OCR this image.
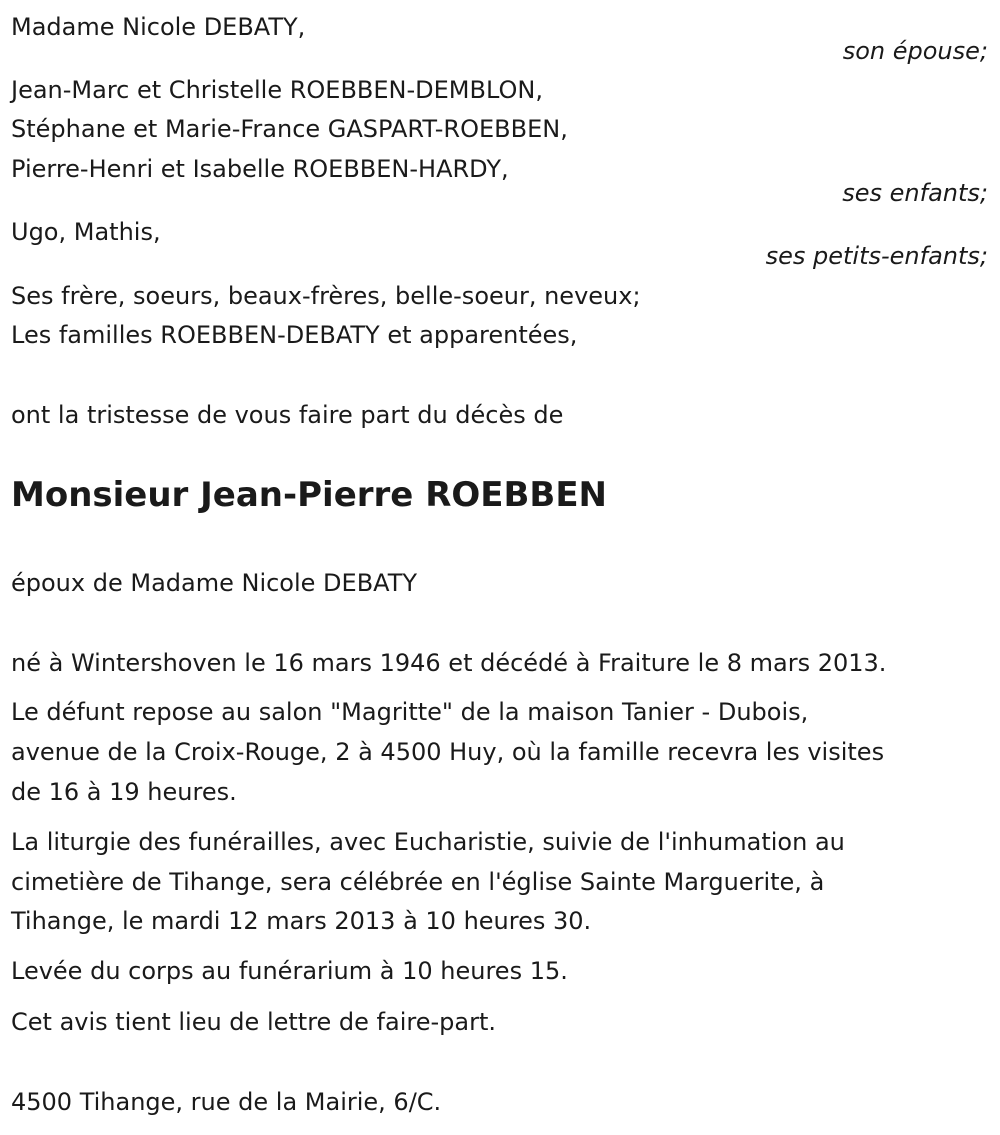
Madame Nicole DEBATY,
son épouse;
Jean-Marc et Christelle ROEBBEN-DEMBLON,
Stéphane et Marie-France GASPART-ROEBBEN,
Pierre-Henri et Isabelle ROEBBEN-HARDY,
ses enfants;
Ugo, Mathis,
ses petits-enfants;
Ses frère, soeurs, beaux-frères, belle-soeur, neveux;
Les familles ROEBBEN-DEBATY et apparentées,
ont la tristesse de vous faire part du décès de
Monsieur Jean-Pierre ROEBBEN
époux de Madame Nicole DEBATY
né à Wintershoven le 16 mars 1946 et décédé à Fraiture le 8 mars 2013.
Le défunt repose au salon "Magritte" de la maison Tanier - Dubois,
avenue de la Croix-Rouge, 2 à 4500 Huy, où la famille recevra les visites
de 16 à 19 heures.
La liturgie des funérailles, avec Eucharistie, suivie de l'inhumation au
cimetière de Tihange, sera célébrée en l'église Sainte Marguerite, à
Tihange, le mardi 12 mars 2013 à 10 heures 30.
Levée du corps au funérarium à 10 heures 15.
Cet avis tient lieu de lettre de faire-part.
4500 Tihange, rue de la Mairie, 6/C.
